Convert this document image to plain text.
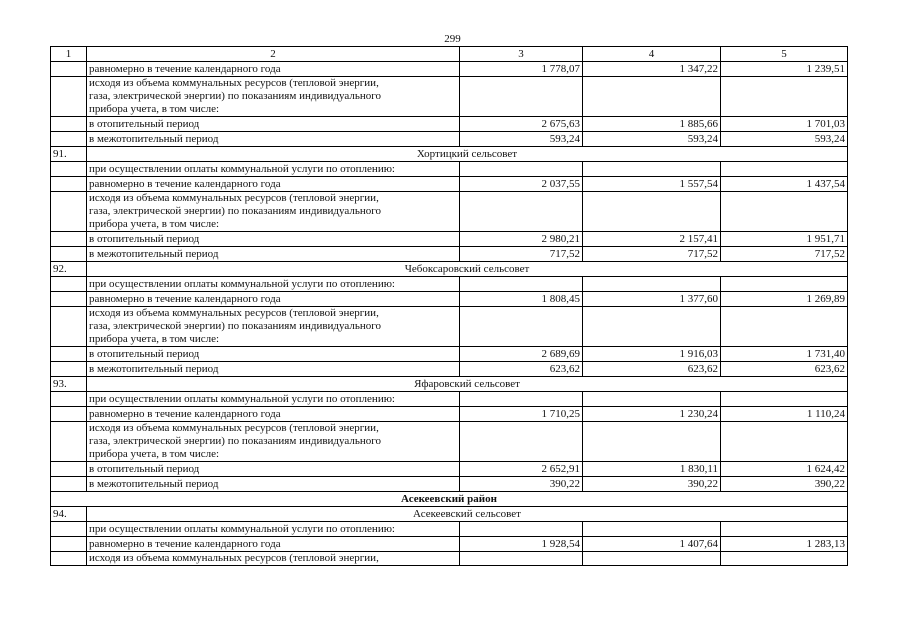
299
1	2	3	4	5
	равномерно в течение календарного года	1 778,07	1 347,22	1 239,51

	исходя из объема коммунальных ресурсов (тепловой энергии,
газа, электрической энергии) по показаниям индивидуального
прибора учета, в том числе:			

	в отопительный период	2 675,63	1 885,66	1 701,03
	в межотопительный период	593,24	593,24	593,24
91.	Хортицкий сельсовет			
	при осуществлении оплаты коммунальной услуги по отоплению:			
	равномерно в течение календарного года	2 037,55	1 557,54	1 437,54

	исходя из объема коммунальных ресурсов (тепловой энергии,
газа, электрической энергии) по показаниям индивидуального
прибора учета, в том числе:			

	в отопительный период	2 980,21	2 157,41	1 951,71
	в межотопительный период	717,52	717,52	717,52
92.	Чебоксаровский сельсовет			
	при осуществлении оплаты коммунальной услуги по отоплению:			
	равномерно в течение календарного года	1 808,45	1 377,60	1 269,89

	исходя из объема коммунальных ресурсов (тепловой энергии,
газа, электрической энергии) по показаниям индивидуального
прибора учета, в том числе:			

	в отопительный период	2 689,69	1 916,03	1 731,40
	в межотопительный период	623,62	623,62	623,62
93.	Яфаровский сельсовет			
	при осуществлении оплаты коммунальной услуги по отоплению:			
	равномерно в течение календарного года	1 710,25	1 230,24	1 110,24

	исходя из объема коммунальных ресурсов (тепловой энергии,
газа, электрической энергии) по показаниям индивидуального
прибора учета, в том числе:			

	в отопительный период	2 652,91	1 830,11	1 624,42
	в межотопительный период	390,22	390,22	390,22
Асекеевский район				
94.	Асекеевский сельсовет			
	при осуществлении оплаты коммунальной услуги по отоплению:			
	равномерно в течение календарного года	1 928,54	1 407,64	1 283,13
	исходя из объема коммунальных ресурсов (тепловой энергии,			
